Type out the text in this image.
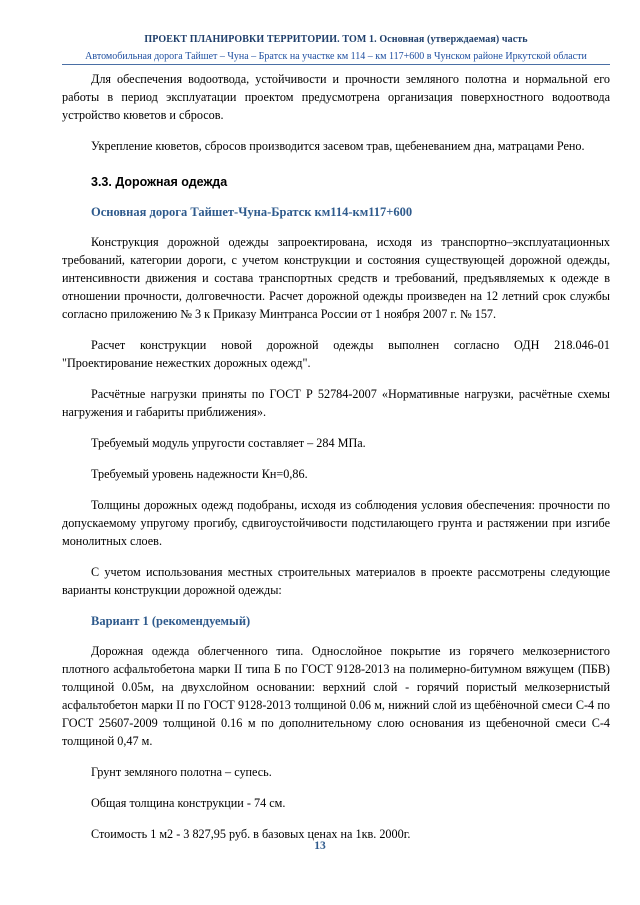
ПРОЕКТ ПЛАНИРОВКИ ТЕРРИТОРИИ. ТОМ 1. Основная (утверждаемая) часть
Автомобильная дорога Тайшет – Чуна – Братск на участке км 114 – км 117+600 в Чунском районе Иркутской области

Для обеспечения водоотвода, устойчивости и прочности земляного полотна и нормальной его работы в период эксплуатации проектом предусмотрена организация поверхностного водоотвода устройство кюветов и сбросов.

Укрепление кюветов, сбросов производится засевом трав, щебеневанием дна, матрацами Рено.

3.3. Дорожная одежда
Основная дорога Тайшет-Чуна-Братск км114-км117+600

Конструкция дорожной одежды запроектирована, исходя из транспортно–эксплуатационных требований, категории дороги, с учетом конструкции и состояния существующей дорожной одежды, интенсивности движения и состава транспортных средств и требований, предъявляемых к одежде в отношении прочности, долговечности. Расчет дорожной одежды произведен на 12 летний срок службы согласно приложению № 3 к Приказу Минтранса России от 1 ноября 2007 г. № 157.

Расчет конструкции новой дорожной одежды выполнен согласно ОДН 218.046-01 "Проектирование нежестких дорожных одежд".

Расчётные нагрузки приняты по ГОСТ Р 52784-2007 «Нормативные нагрузки, расчётные схемы нагружения и габариты приближения».

Требуемый модуль упругости составляет – 284 МПа.

Требуемый уровень надежности Кн=0,86.

Толщины дорожных одежд подобраны, исходя из соблюдения условия обеспечения: прочности по допускаемому упругому прогибу, сдвигоустойчивости подстилающего грунта и растяжении при изгибе монолитных слоев.

С учетом использования местных строительных материалов в проекте рассмотрены следующие варианты конструкции дорожной одежды:

Вариант 1 (рекомендуемый)

Дорожная одежда облегченного типа. Однослойное покрытие из горячего мелкозернистого плотного асфальтобетона марки II типа Б по ГОСТ 9128-2013 на полимерно-битумном вяжущем (ПБВ) толщиной 0.05м, на двухслойном основании: верхний слой - горячий пористый мелкозернистый асфальтобетон марки II по ГОСТ 9128-2013 толщиной 0.06 м, нижний слой из щебёночной смеси С-4 по ГОСТ 25607-2009 толщиной 0.16 м по дополнительному слою основания из щебеночной смеси С-4 толщиной 0,47 м.

Грунт земляного полотна – супесь.

Общая толщина конструкции - 74 см.

Стоимость 1 м2 - 3 827,95 руб. в базовых ценах на 1кв. 2000г.

13
